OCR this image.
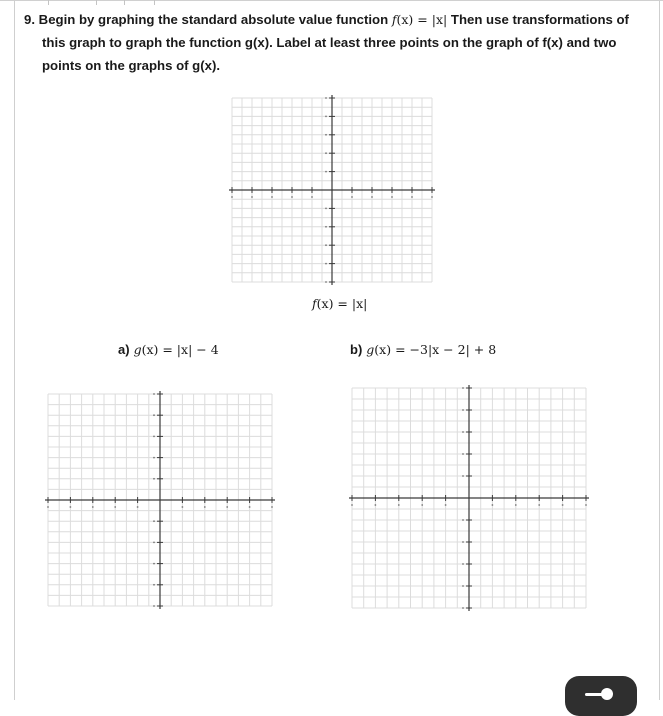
9. Begin by graphing the standard absolute value function f(x) = |x| Then use transformations of this graph to graph the function g(x). Label at least three points on the graph of f(x) and two points on the graphs of g(x).
f(x) = |x|
a) g(x) = |x| − 4	b) g(x) = −3|x − 2| + 8
